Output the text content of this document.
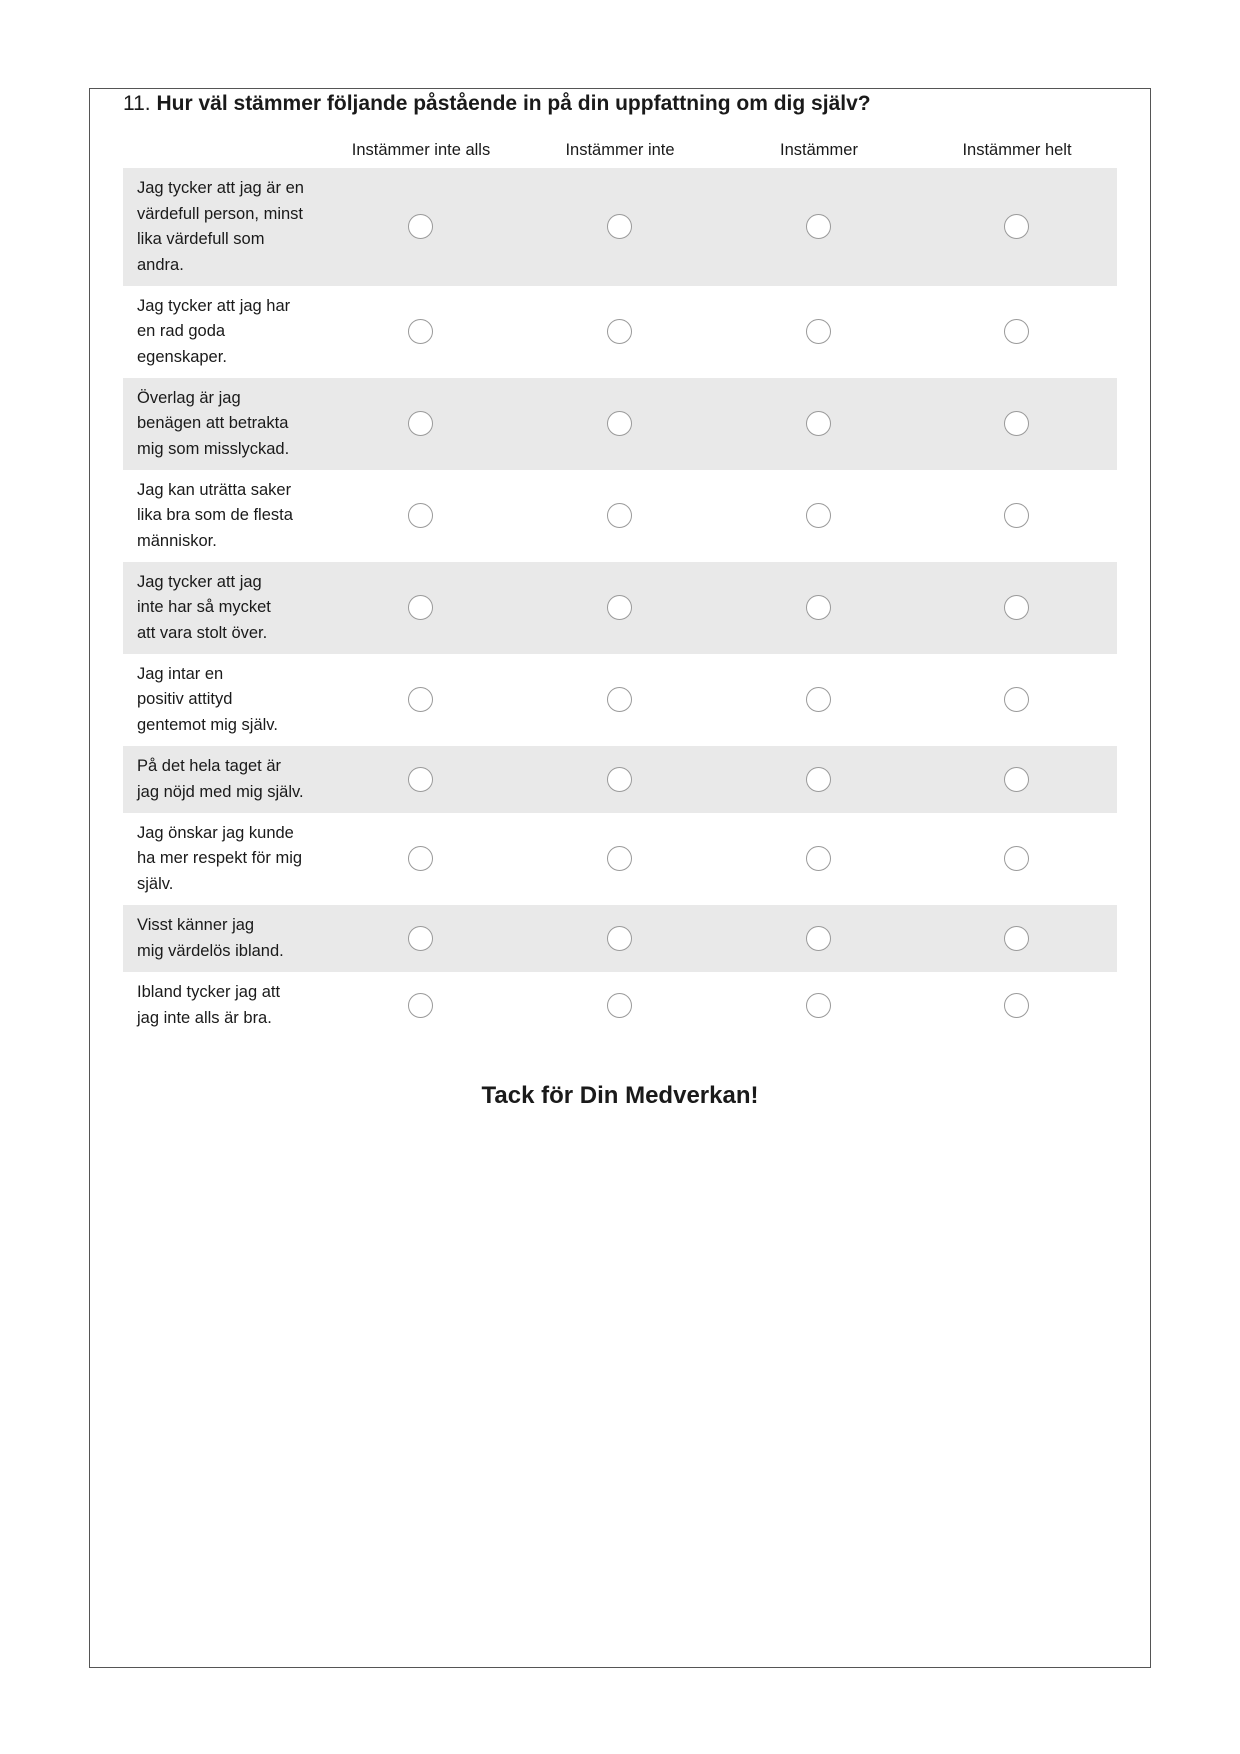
11. Hur väl stämmer följande påstående in på din uppfattning om dig själv?
Instämmer inte alls	Instämmer inte	Instämmer	Instämmer helt
Jag tycker att jag är en
värdefull person, minst
lika värdefull som
andra.
Jag tycker att jag har
en rad goda
egenskaper.
Överlag är jag
benägen att betrakta
mig som misslyckad.
Jag kan uträtta saker
lika bra som de flesta
människor.
Jag tycker att jag
inte har så mycket
att vara stolt över.
Jag intar en
positiv attityd
gentemot mig själv.
På det hela taget är
jag nöjd med mig själv.
Jag önskar jag kunde
ha mer respekt för mig
själv.
Visst känner jag
mig värdelös ibland.
Ibland tycker jag att
jag inte alls är bra.
Tack för Din Medverkan!
